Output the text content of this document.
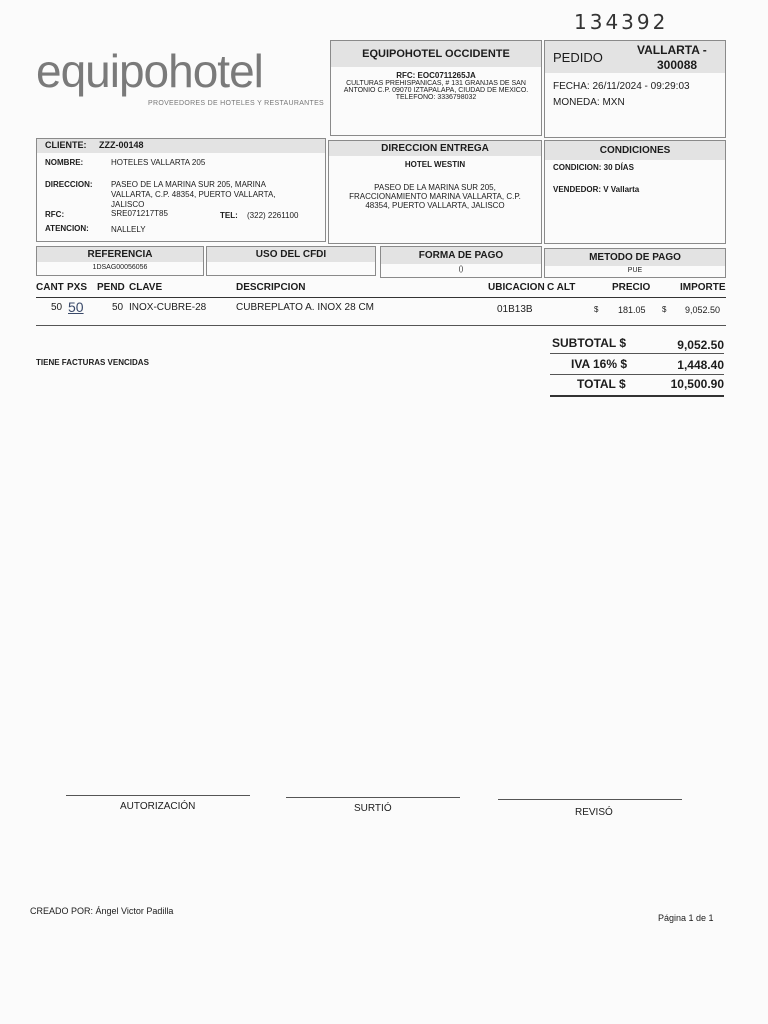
134392
equipohotel
PROVEEDORES DE HOTELES Y RESTAURANTES
EQUIPOHOTEL OCCIDENTE
RFC: EOC0711265JA
CULTURAS PREHISPANICAS, # 131 GRANJAS DE SAN
ANTONIO C.P. 09070 IZTAPALAPA, CIUDAD DE MEXICO.
TELEFONO: 3336798032
PEDIDO	VALLARTA -
300088
FECHA: 26/11/2024 - 09:29:03
MONEDA: MXN
CLIENTE: ZZZ-00148
NOMBRE:	HOTELES VALLARTA 205
DIRECCION: PASEO DE LA MARINA SUR 205, MARINA
VALLARTA, C.P. 48354, PUERTO VALLARTA,
JALISCO
RFC:	SRE071217T85	TEL: (322) 2261100
ATENCION:	NALLELY
DIRECCION ENTREGA
HOTEL WESTIN
PASEO DE LA MARINA SUR 205,
FRACCIONAMIENTO MARINA VALLARTA, C.P.
48354, PUERTO VALLARTA, JALISCO
CONDICIONES
CONDICION: 30 DÍAS
VENDEDOR: V Vallarta
REFERENCIA
1DSAG00056056
USO DEL CFDI	FORMA DE PAGO
()
METODO DE PAGO
PUE
CANT PXS PEND CLAVE	DESCRIPCION	UBICACION C ALT	PRECIO	IMPORTE
50 50	50 INOX-CUBRE-28	CUBREPLATO A. INOX 28 CM	01B13B	$ 181.05 $ 9,052.50
SUBTOTAL $	9,052.50
IVA 16% $	1,448.40
TOTAL $	10,500.90
TIENE FACTURAS VENCIDAS
AUTORIZACIÓN	SURTIÓ	REVISÓ
CREADO POR: Ángel Victor Padilla
Página 1 de 1
